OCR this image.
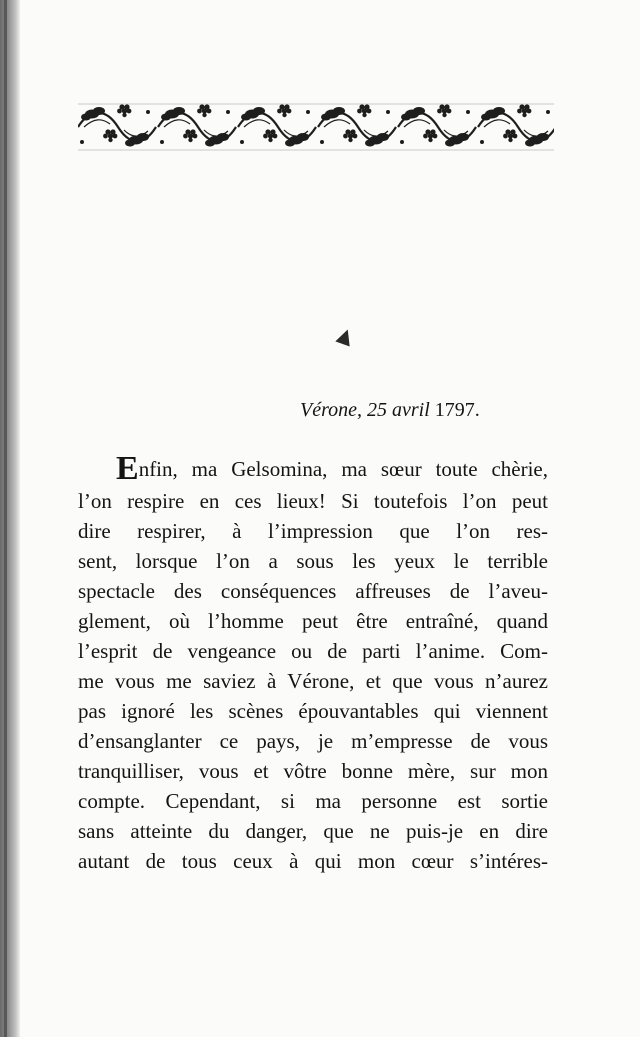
▲
Vérone, 25 avril 1797.
Enfin, ma Gelsomina, ma sœur toute chèrie,
l’on respire en ces lieux! Si toutefois l’on peut
dire respirer, à l’impression que l’on res-
sent, lorsque l’on a sous les yeux le terrible
spectacle des conséquences affreuses de l’aveu-
glement, où l’homme peut être entraîné, quand
l’esprit de vengeance ou de parti l’anime. Com-
me vous me saviez à Vérone, et que vous n’aurez
pas ignoré les scènes épouvantables qui viennent
d’ensanglanter ce pays, je m’empresse de vous
tranquilliser, vous et vôtre bonne mère, sur mon
compte. Cependant, si ma personne est sortie
sans atteinte du danger, que ne puis-je en dire
autant de tous ceux à qui mon cœur s’intéres-
